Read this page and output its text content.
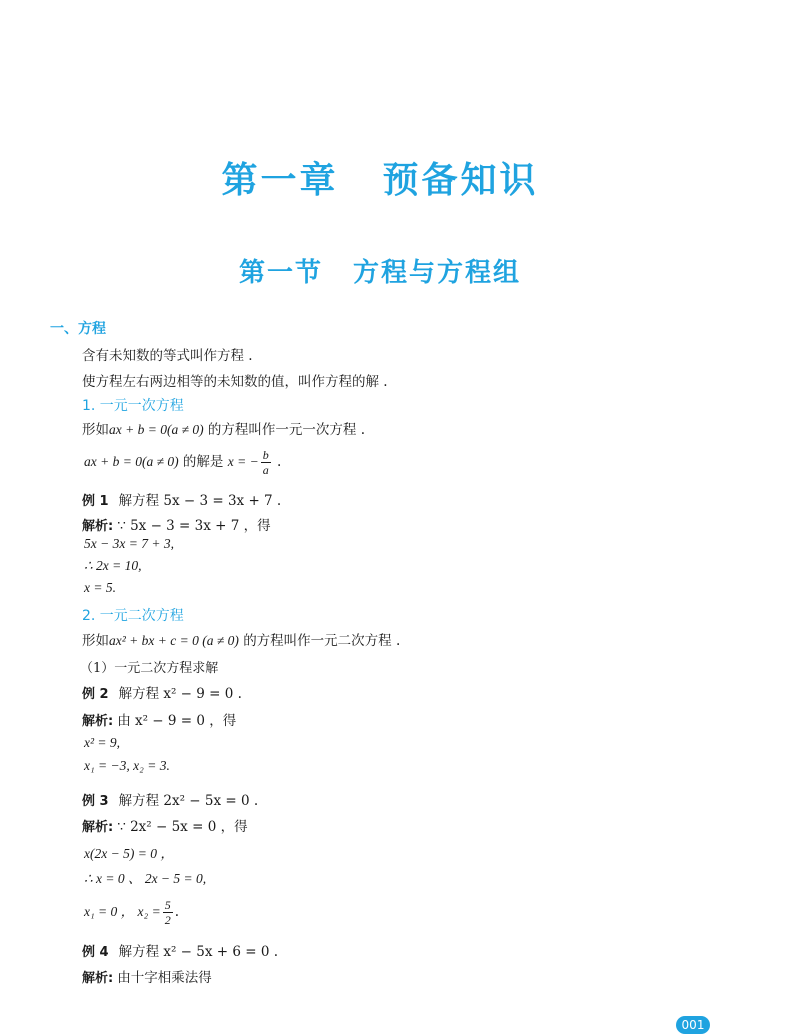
第一章 预备知识
第一节 方程与方程组
一、方程
含有未知数的等式叫作方程 .
使方程左右两边相等的未知数的值，叫作方程的解 .
1. 一元一次方程
形如ax + b = 0(a ≠ 0) 的方程叫作一元一次方程 .
ax + b = 0(a ≠ 0) 的解是 x = − $\frac{b}{a}$ .
例 1 解方程 5x − 3 = 3x + 7 .
解析: ∵ 5x − 3 = 3x + 7 ，得
5x − 3x = 7 + 3,
∴ 2x = 10,
x = 5.
2. 一元二次方程
形如ax² + bx + c = 0 (a ≠ 0) 的方程叫作一元二次方程 .
（1）一元二次方程求解
例 2 解方程 x² − 9 = 0 .
解析: 由 x² − 9 = 0 ，得
x² = 9,
x₁ = −3, x₂ = 3.
例 3 解方程 2x² − 5x = 0 .
解析: ∵ 2x² − 5x = 0 ，得
x(2x − 5) = 0 ，
∴ x = 0 、 2x − 5 = 0,
x₁ = 0 ， $x_2 = \frac{5}{2}$ .
例 4 解方程 x² − 5x + 6 = 0 .
解析: 由十字相乘法得
001
